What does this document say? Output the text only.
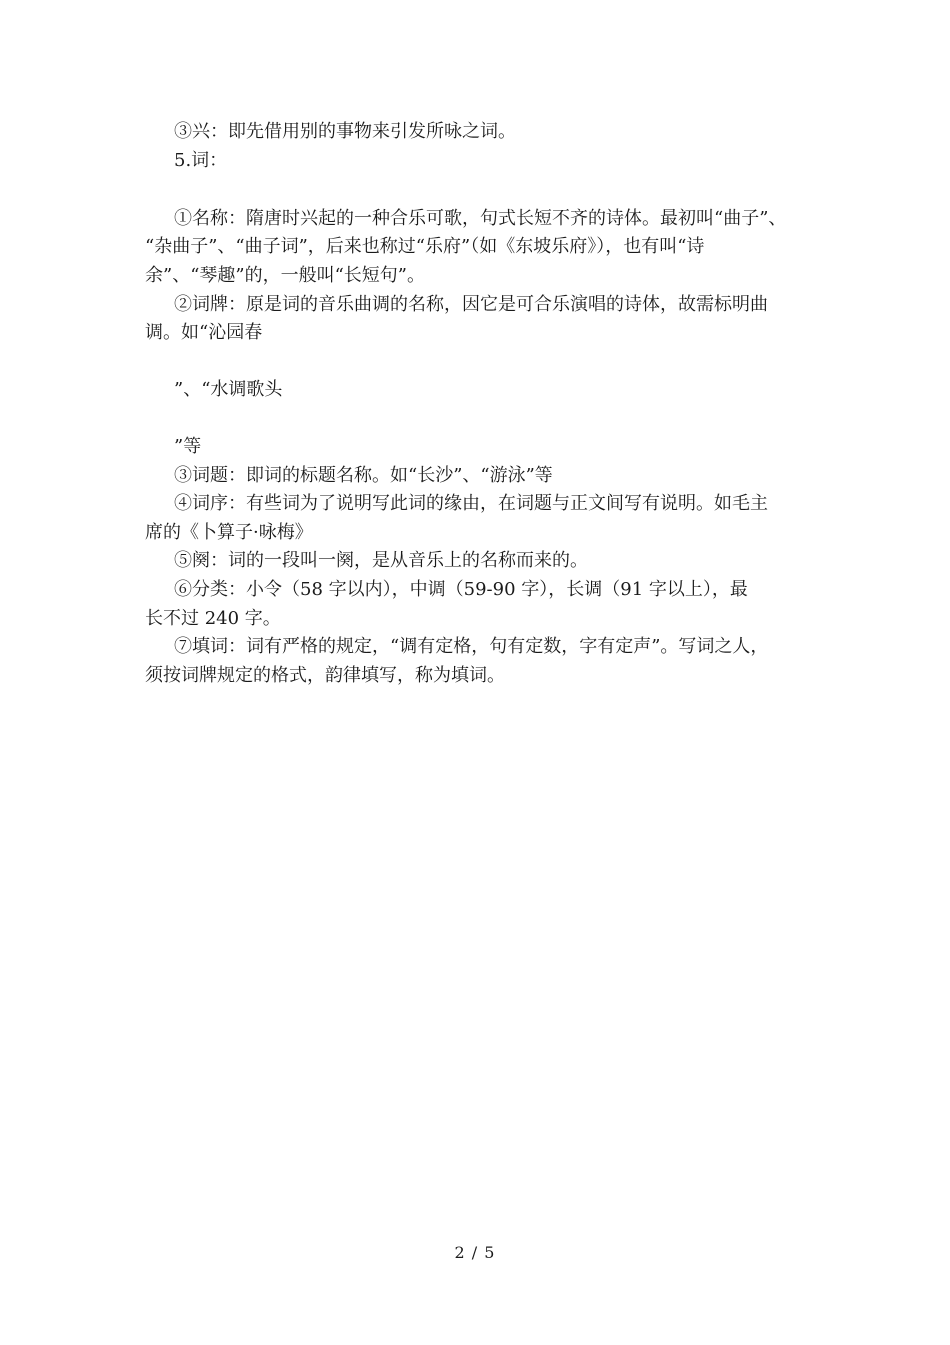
③兴：即先借用别的事物来引发所咏之词。
5.词：
①名称：隋唐时兴起的一种合乐可歌，句式长短不齐的诗体。最初叫“曲子”、
“杂曲子”、“曲子词”，后来也称过“乐府”（如《东坡乐府》），也有叫“诗
余”、“琴趣”的，一般叫“长短句”。
②词牌：原是词的音乐曲调的名称，因它是可合乐演唱的诗体，故需标明曲
调。如“沁园春
”、“水调歌头
”等
③词题：即词的标题名称。如“长沙”、“游泳”等
④词序：有些词为了说明写此词的缘由，在词题与正文间写有说明。如毛主
席的《卜算子·咏梅》
⑤阕：词的一段叫一阕，是从音乐上的名称而来的。
⑥分类：小令（58 字以内），中调（59-90 字），长调（91 字以上），最
长不过 240 字。
⑦填词：词有严格的规定，“调有定格，句有定数，字有定声”。写词之人，
须按词牌规定的格式，韵律填写，称为填词。
2 / 5
